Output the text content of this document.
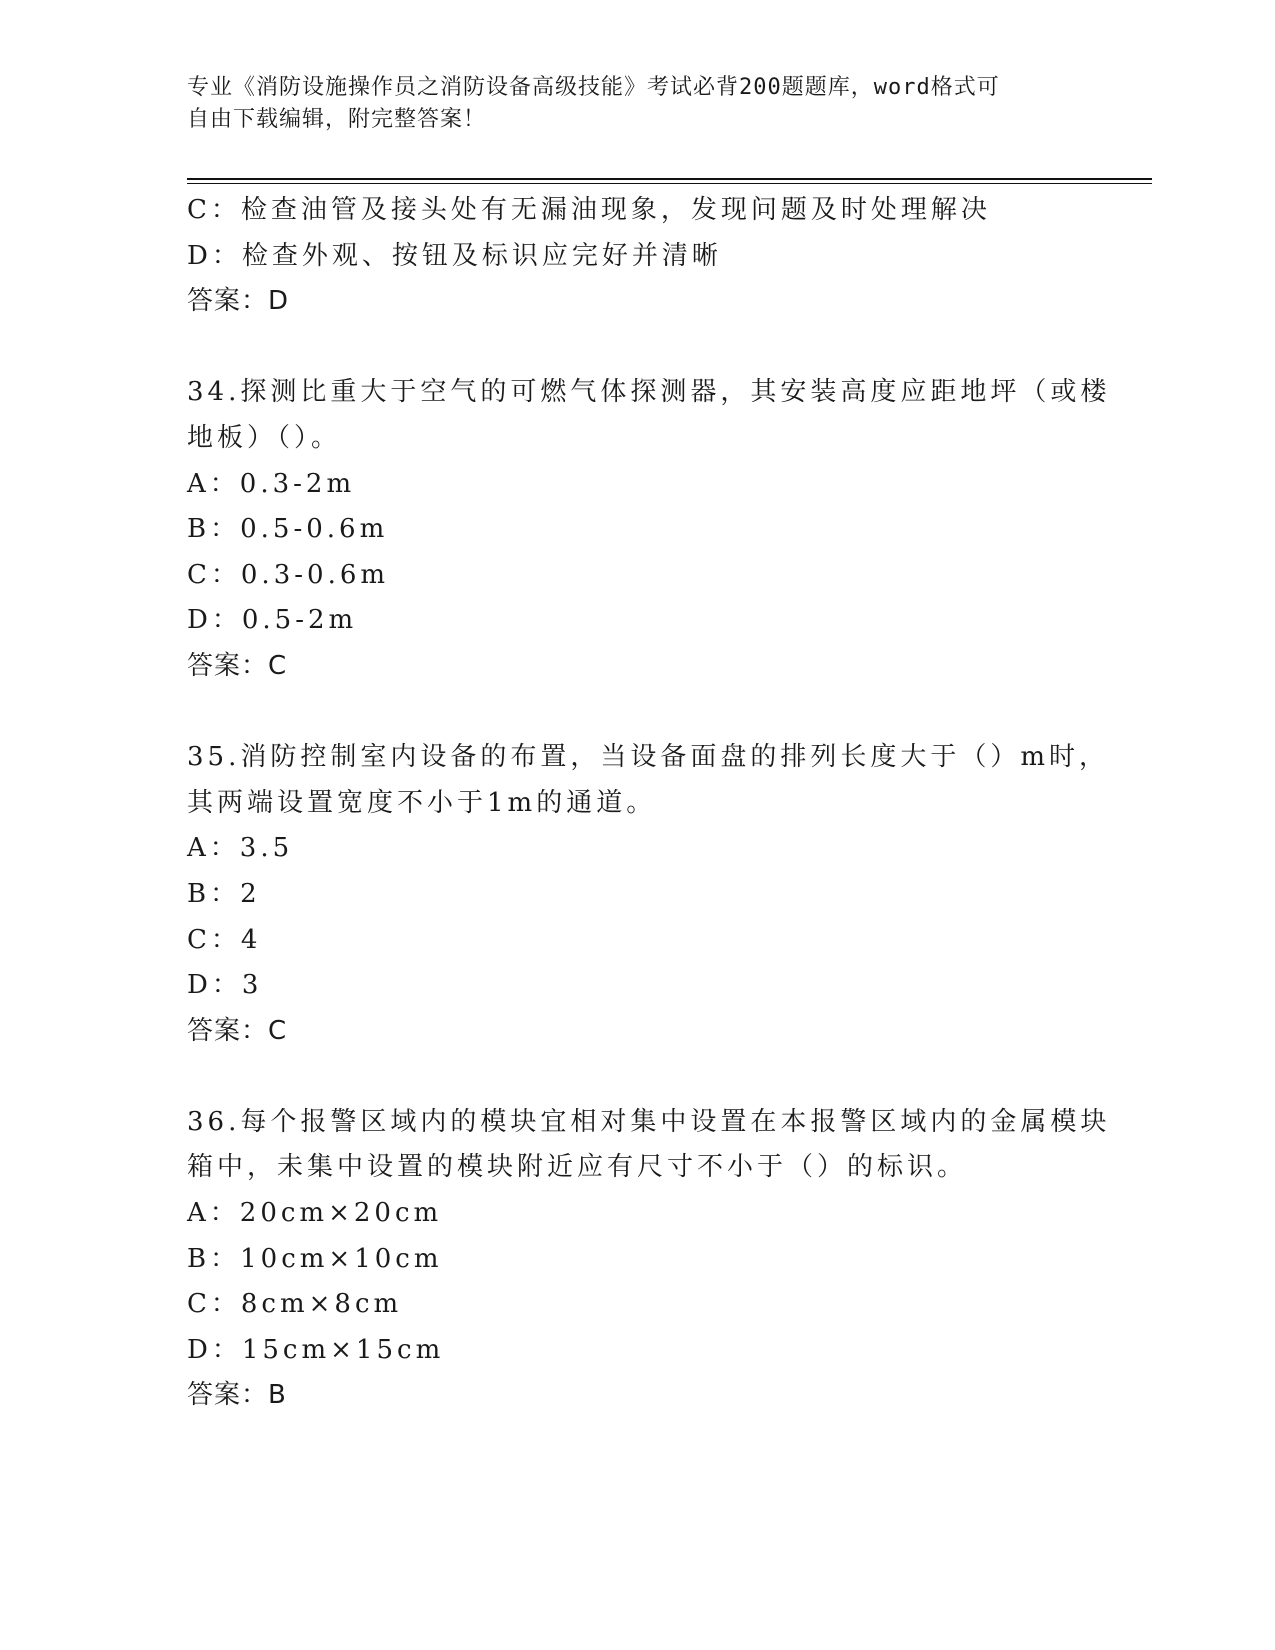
专业《消防设施操作员之消防设备高级技能》考试必背200题题库，word格式可
自由下载编辑，附完整答案！
C：检查油管及接头处有无漏油现象，发现问题及时处理解决
D：检查外观、按钮及标识应完好并清晰
答案：D
34.探测比重大于空气的可燃气体探测器，其安装高度应距地坪（或楼
地板）（）。
A：0.3-2m
B：0.5-0.6m
C：0.3-0.6m
D：0.5-2m
答案：C
35.消防控制室内设备的布置，当设备面盘的排列长度大于（）m时，
其两端设置宽度不小于1m的通道。
A：3.5
B：2
C：4
D：3
答案：C
36.每个报警区域内的模块宜相对集中设置在本报警区域内的金属模块
箱中，未集中设置的模块附近应有尺寸不小于（）的标识。
A：20cm×20cm
B：10cm×10cm
C：8cm×8cm
D：15cm×15cm
答案：B
